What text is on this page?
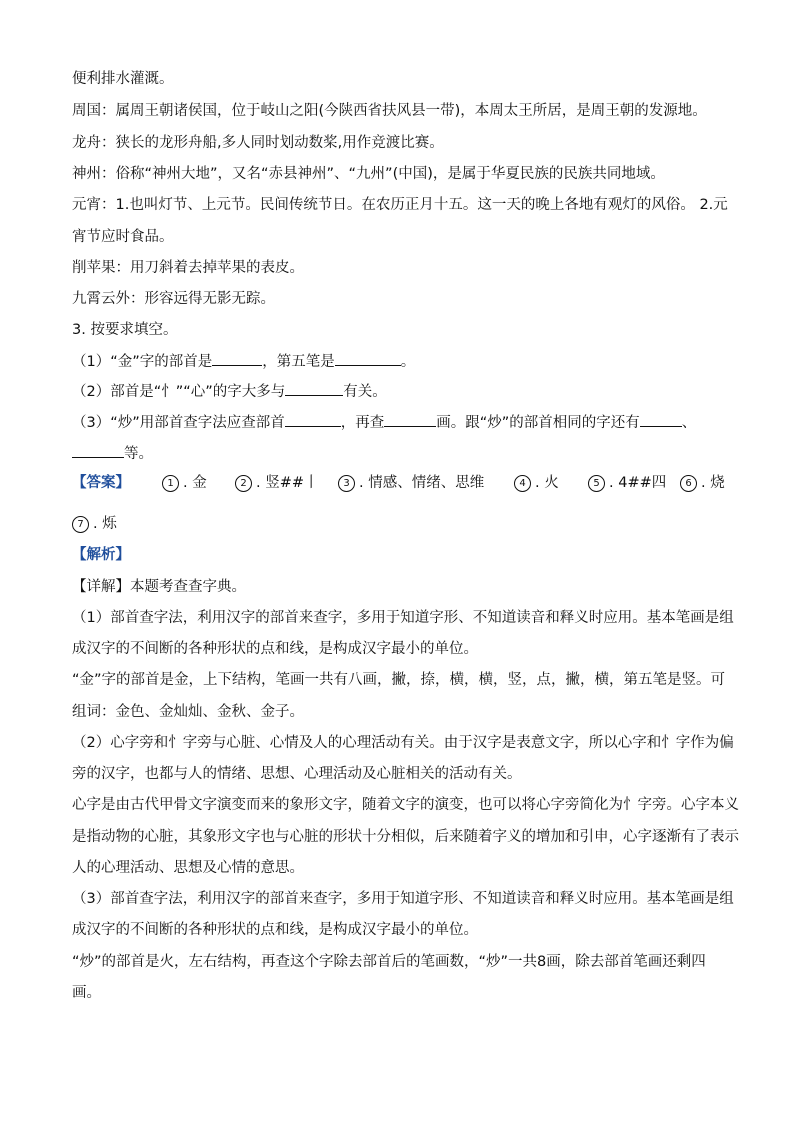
便利排水灌溉。
周国：属周王朝诸侯国，位于岐山之阳(今陕西省扶风县一带)，本周太王所居，是周王朝的发源地。
龙舟：狭长的龙形舟船,多人同时划动数桨,用作竞渡比赛。
神州：俗称“神州大地”，又名“赤县神州”、“九州”(中国)，是属于华夏民族的民族共同地域。
元宵：1.也叫灯节、上元节。民间传统节日。在农历正月十五。这一天的晚上各地有观灯的风俗。 2.元
宵节应时食品。
削苹果：用刀斜着去掉苹果的表皮。
九霄云外：形容远得无影无踪。
3. 按要求填空。
（1）“金”字的部首是	，第五笔是	。
（2）部首是“忄”“心”的字大多与	有关。
（3）“炒”用部首查字法应查部首	，再查	画。跟“炒”的部首相同的字还有	、
等。
【答案】	1 . 金	2 . 竖##丨	3 . 情感、情绪、思维	4 . 火	5 . 4##四	6 . 烧
7 . 烁
【解析】
【详解】本题考查查字典。
（1）部首查字法，利用汉字的部首来查字，多用于知道字形、不知道读音和释义时应用。基本笔画是组
成汉字的不间断的各种形状的点和线，是构成汉字最小的单位。
“金”字的部首是金，上下结构，笔画一共有八画，撇，捺，横，横，竖，点，撇，横，第五笔是竖。可
组词：金色、金灿灿、金秋、金子。
（2）心字旁和忄字旁与心脏、心情及人的心理活动有关。由于汉字是表意文字，所以心字和忄字作为偏
旁的汉字，也都与人的情绪、思想、心理活动及心脏相关的活动有关。
心字是由古代甲骨文字演变而来的象形文字，随着文字的演变，也可以将心字旁简化为忄字旁。心字本义
是指动物的心脏，其象形文字也与心脏的形状十分相似，后来随着字义的增加和引申，心字逐渐有了表示
人的心理活动、思想及心情的意思。
（3）部首查字法，利用汉字的部首来查字，多用于知道字形、不知道读音和释义时应用。基本笔画是组
成汉字的不间断的各种形状的点和线，是构成汉字最小的单位。
“炒”的部首是火，左右结构，再查这个字除去部首后的笔画数，“炒”一共8画，除去部首笔画还剩四
画。
